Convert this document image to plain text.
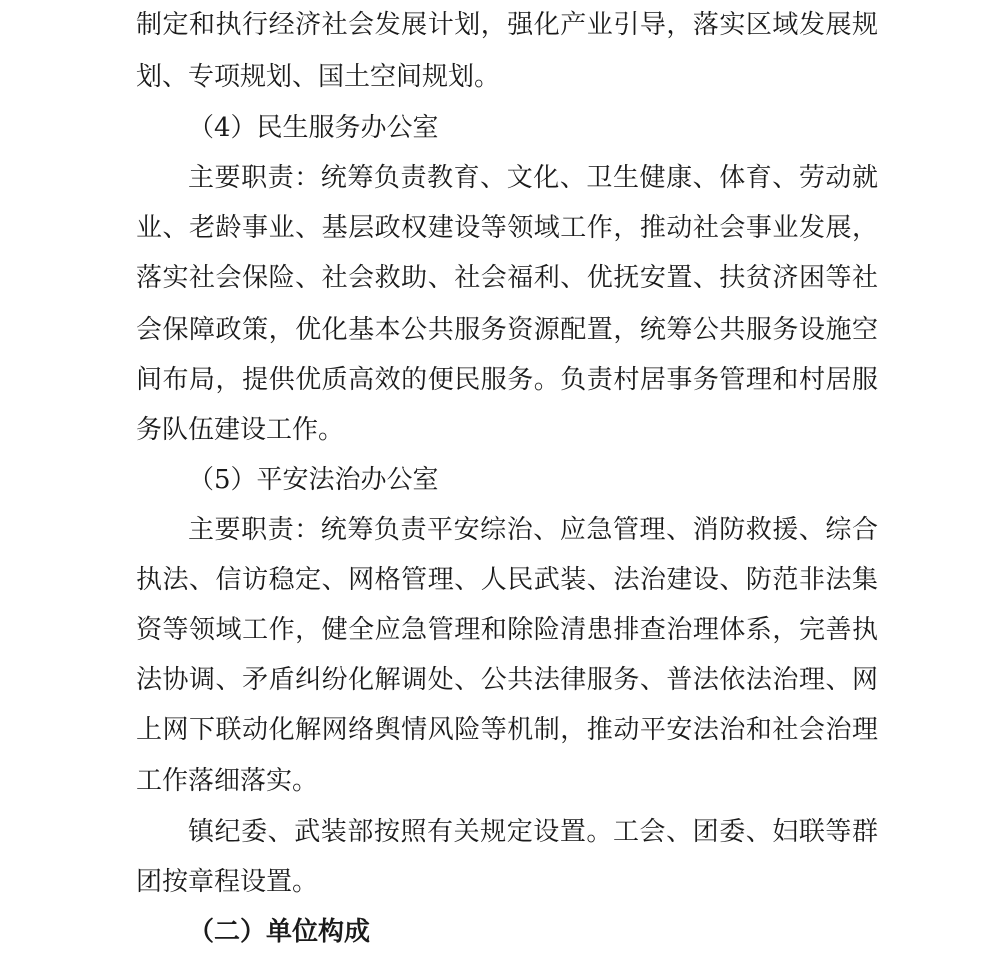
制定和执行经济社会发展计划，强化产业引导，落实区域发展规
划、专项规划、国土空间规划。
（4）民生服务办公室
主要职责：统筹负责教育、文化、卫生健康、体育、劳动就
业、老龄事业、基层政权建设等领域工作，推动社会事业发展，
落实社会保险、社会救助、社会福利、优抚安置、扶贫济困等社
会保障政策，优化基本公共服务资源配置，统筹公共服务设施空
间布局，提供优质高效的便民服务。负责村居事务管理和村居服
务队伍建设工作。
（5）平安法治办公室
主要职责：统筹负责平安综治、应急管理、消防救援、综合
执法、信访稳定、网格管理、人民武装、法治建设、防范非法集
资等领域工作，健全应急管理和除险清患排查治理体系，完善执
法协调、矛盾纠纷化解调处、公共法律服务、普法依法治理、网
上网下联动化解网络舆情风险等机制，推动平安法治和社会治理
工作落细落实。
镇纪委、武装部按照有关规定设置。工会、团委、妇联等群
团按章程设置。
（二）单位构成
